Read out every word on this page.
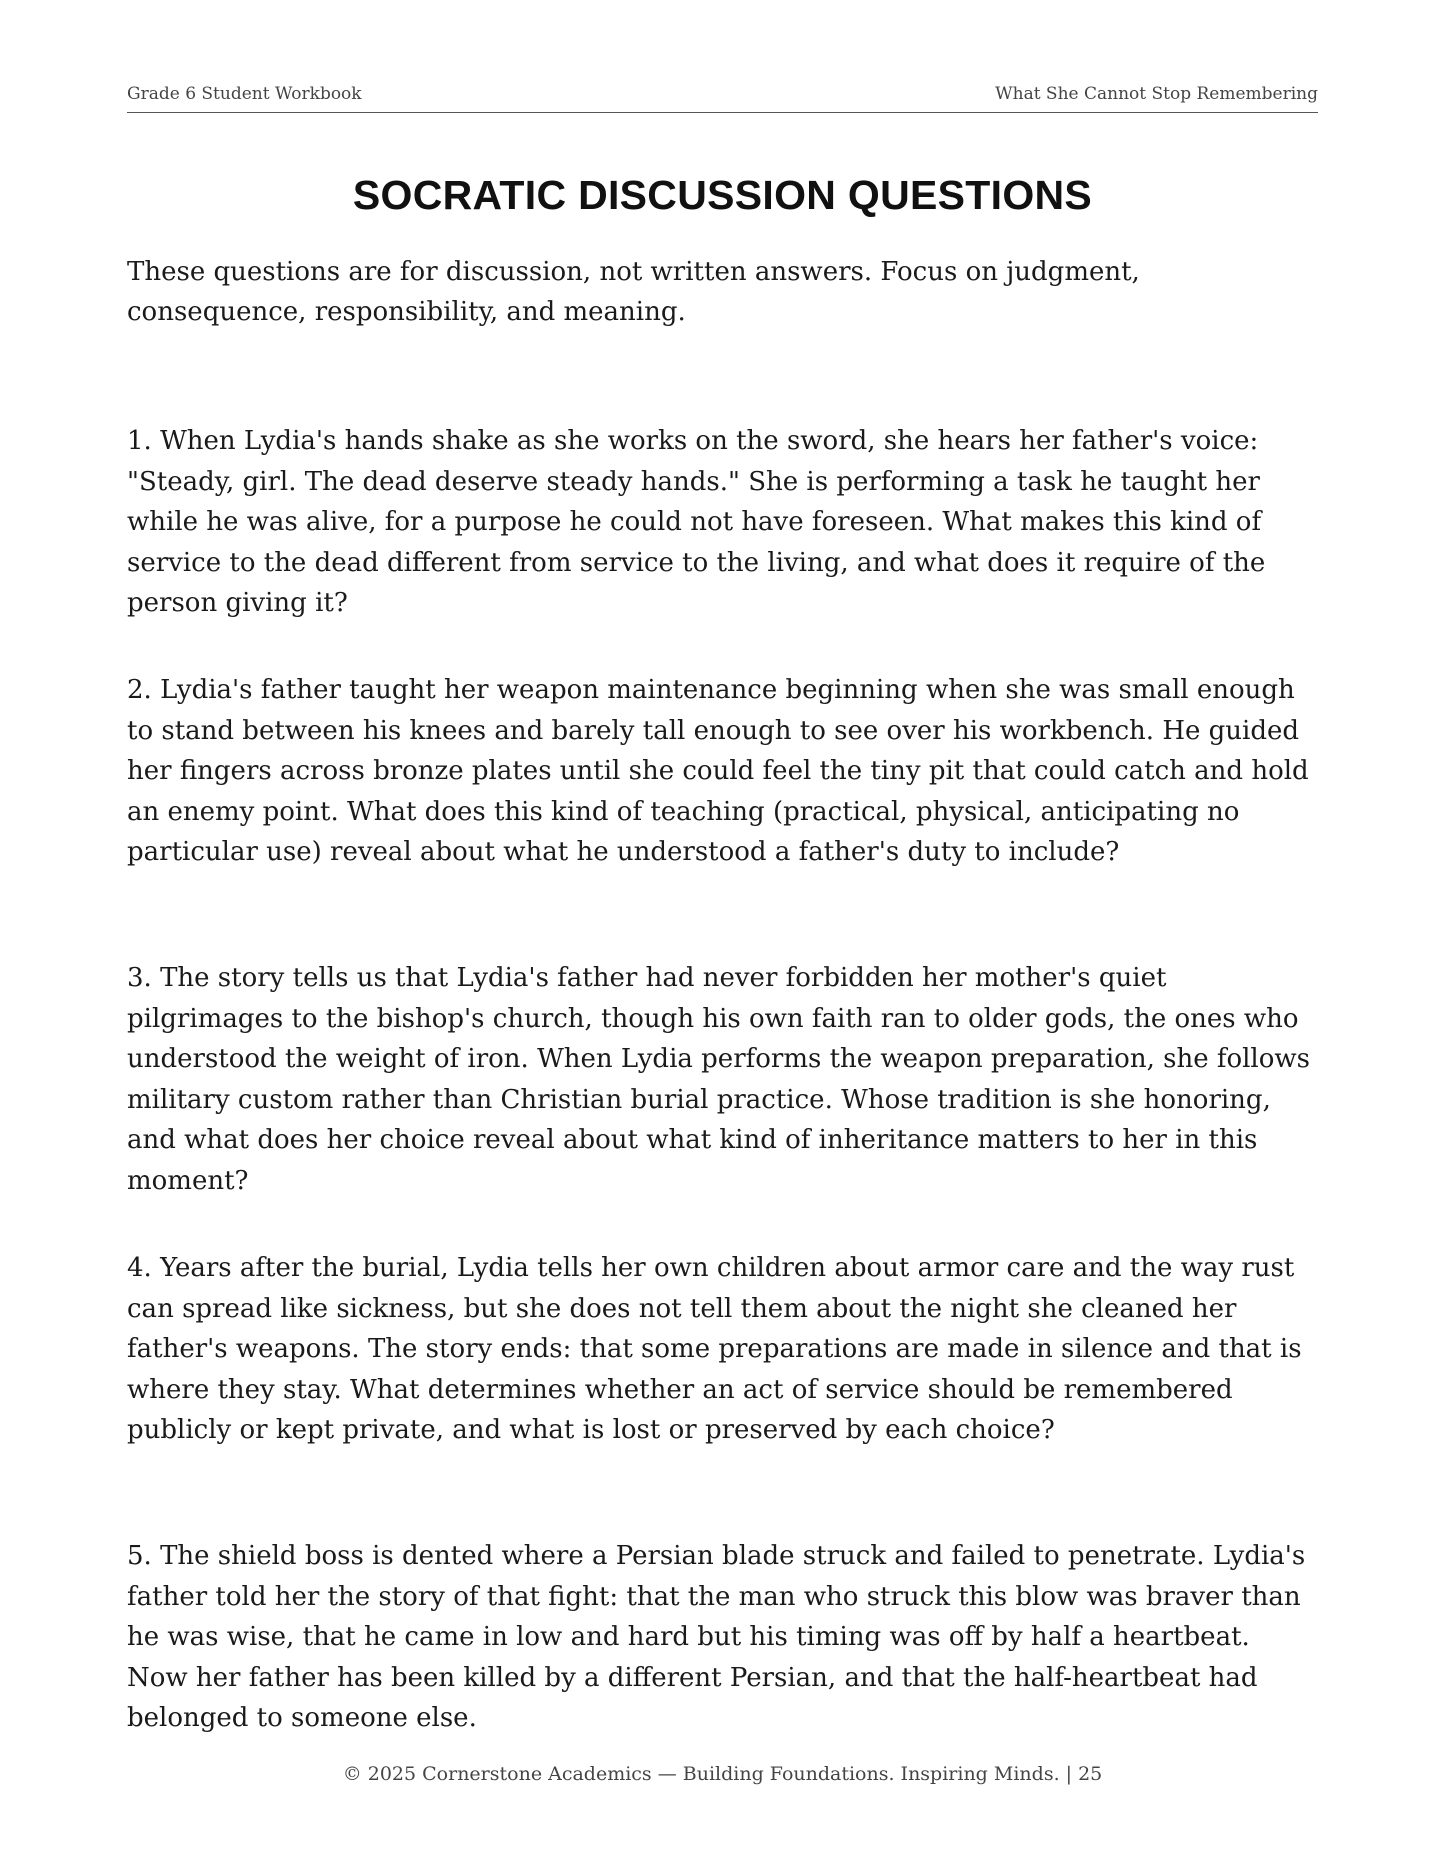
Grade 6 Student Workbook	What She Cannot Stop Remembering
SOCRATIC DISCUSSION QUESTIONS

These questions are for discussion, not written answers. Focus on judgment, consequence, responsibility, and meaning.

1. When Lydia's hands shake as she works on the sword, she hears her father's voice: "Steady, girl. The dead deserve steady hands." She is performing a task he taught her while he was alive, for a purpose he could not have foreseen. What makes this kind of service to the dead different from service to the living, and what does it require of the person giving it?

2. Lydia's father taught her weapon maintenance beginning when she was small enough to stand between his knees and barely tall enough to see over his workbench. He guided her fingers across bronze plates until she could feel the tiny pit that could catch and hold an enemy point. What does this kind of teaching (practical, physical, anticipating no particular use) reveal about what he understood a father's duty to include?

3. The story tells us that Lydia's father had never forbidden her mother's quiet pilgrimages to the bishop's church, though his own faith ran to older gods, the ones who understood the weight of iron. When Lydia performs the weapon preparation, she follows military custom rather than Christian burial practice. Whose tradition is she honoring, and what does her choice reveal about what kind of inheritance matters to her in this moment?

4. Years after the burial, Lydia tells her own children about armor care and the way rust can spread like sickness, but she does not tell them about the night she cleaned her father's weapons. The story ends: that some preparations are made in silence and that is where they stay. What determines whether an act of service should be remembered publicly or kept private, and what is lost or preserved by each choice?

5. The shield boss is dented where a Persian blade struck and failed to penetrate. Lydia's father told her the story of that fight: that the man who struck this blow was braver than he was wise, that he came in low and hard but his timing was off by half a heartbeat. Now her father has been killed by a different Persian, and that the half-heartbeat had belonged to someone else.

© 2025 Cornerstone Academics — Building Foundations. Inspiring Minds. | 25
